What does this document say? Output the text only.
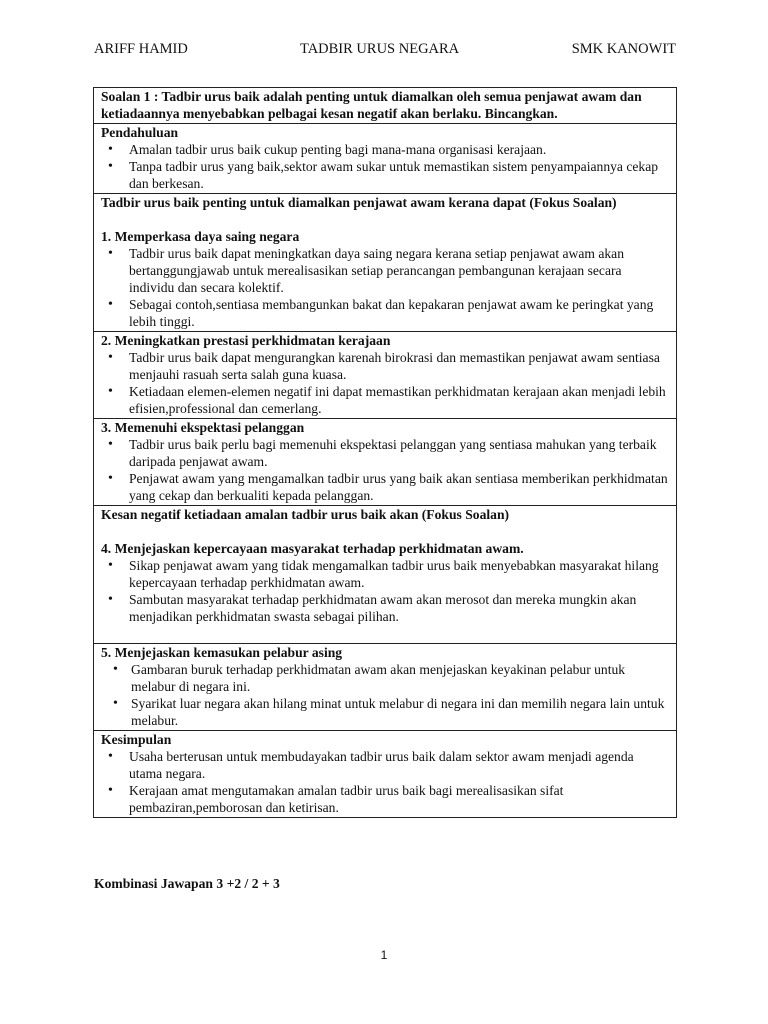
ARIFF HAMID	TADBIR URUS NEGARA	SMK KANOWIT
Soalan 1 : Tadbir urus baik adalah penting untuk diamalkan oleh semua penjawat awam dan ketiadaannya menyebabkan pelbagai kesan negatif akan berlaku. Bincangkan.
Pendahuluan
• Amalan tadbir urus baik cukup penting bagi mana-mana organisasi kerajaan.
• Tanpa tadbir urus yang baik,sektor awam sukar untuk memastikan sistem penyampaiannya cekap dan berkesan.
Tadbir urus baik penting untuk diamalkan penjawat awam kerana dapat (Fokus Soalan)
1. Memperkasa daya saing negara
• Tadbir urus baik dapat meningkatkan daya saing negara kerana setiap penjawat awam akan bertanggungjawab untuk merealisasikan setiap perancangan pembangunan kerajaan secara individu dan secara kolektif.
• Sebagai contoh,sentiasa membangunkan bakat dan kepakaran penjawat awam ke peringkat yang lebih tinggi.
2. Meningkatkan prestasi perkhidmatan kerajaan
• Tadbir urus baik dapat mengurangkan karenah birokrasi dan memastikan penjawat awam sentiasa menjauhi rasuah serta salah guna kuasa.
• Ketiadaan elemen-elemen negatif ini dapat memastikan perkhidmatan kerajaan akan menjadi lebih efisien,professional dan cemerlang.
3. Memenuhi ekspektasi pelanggan
• Tadbir urus baik perlu bagi memenuhi ekspektasi pelanggan yang sentiasa mahukan yang terbaik daripada penjawat awam.
• Penjawat awam yang mengamalkan tadbir urus yang baik akan sentiasa memberikan perkhidmatan yang cekap dan berkualiti kepada pelanggan.
Kesan negatif ketiadaan amalan tadbir urus baik akan (Fokus Soalan)
4. Menjejaskan kepercayaan masyarakat terhadap perkhidmatan awam.
• Sikap penjawat awam yang tidak mengamalkan tadbir urus baik menyebabkan masyarakat hilang kepercayaan terhadap perkhidmatan awam.
• Sambutan masyarakat terhadap perkhidmatan awam akan merosot dan mereka mungkin akan menjadikan perkhidmatan swasta sebagai pilihan.
5. Menjejaskan kemasukan pelabur asing
• Gambaran buruk terhadap perkhidmatan awam akan menjejaskan keyakinan pelabur untuk melabur di negara ini.
• Syarikat luar negara akan hilang minat untuk melabur di negara ini dan memilih negara lain untuk melabur.
Kesimpulan
• Usaha berterusan untuk membudayakan tadbir urus baik dalam sektor awam menjadi agenda utama negara.
• Kerajaan amat mengutamakan amalan tadbir urus baik bagi merealisasikan sifat pembaziran,pemborosan dan ketirisan.
Kombinasi Jawapan 3 +2 / 2 + 3
1
